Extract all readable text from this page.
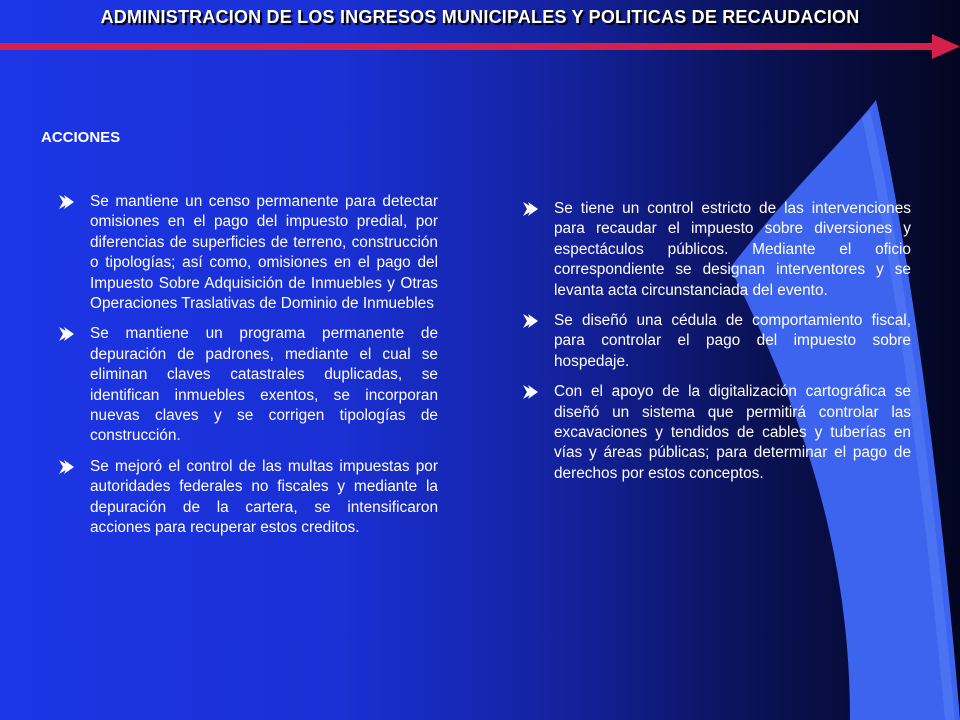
ADMINISTRACION DE LOS INGRESOS MUNICIPALES Y POLITICAS DE RECAUDACION
ACCIONES
Se mantiene un censo permanente para detectar omisiones en el pago del impuesto predial, por diferencias de superficies de terreno, construcción o tipologías; así como, omisiones en el pago del Impuesto Sobre Adquisición de Inmuebles y Otras Operaciones Traslativas de Dominio de Inmuebles
Se mantiene un programa permanente de depuración de padrones, mediante el cual se eliminan claves catastrales duplicadas, se identifican inmuebles exentos, se incorporan nuevas claves y se corrigen tipologías de construcción.
Se mejoró el control de las multas impuestas por autoridades federales no fiscales y mediante la depuración de la cartera, se intensificaron acciones para recuperar estos creditos.
Se tiene un control estricto de las intervenciones para recaudar el impuesto sobre diversiones y espectáculos públicos. Mediante el oficio correspondiente se designan interventores y se levanta acta circunstanciada del evento.
Se diseñó una cédula de comportamiento fiscal, para controlar el pago del impuesto sobre hospedaje.
Con el apoyo de la digitalización cartográfica se diseñó un sistema que permitirá controlar las excavaciones y tendidos de cables y tuberías en vías y áreas públicas; para determinar el pago de derechos por estos conceptos.
